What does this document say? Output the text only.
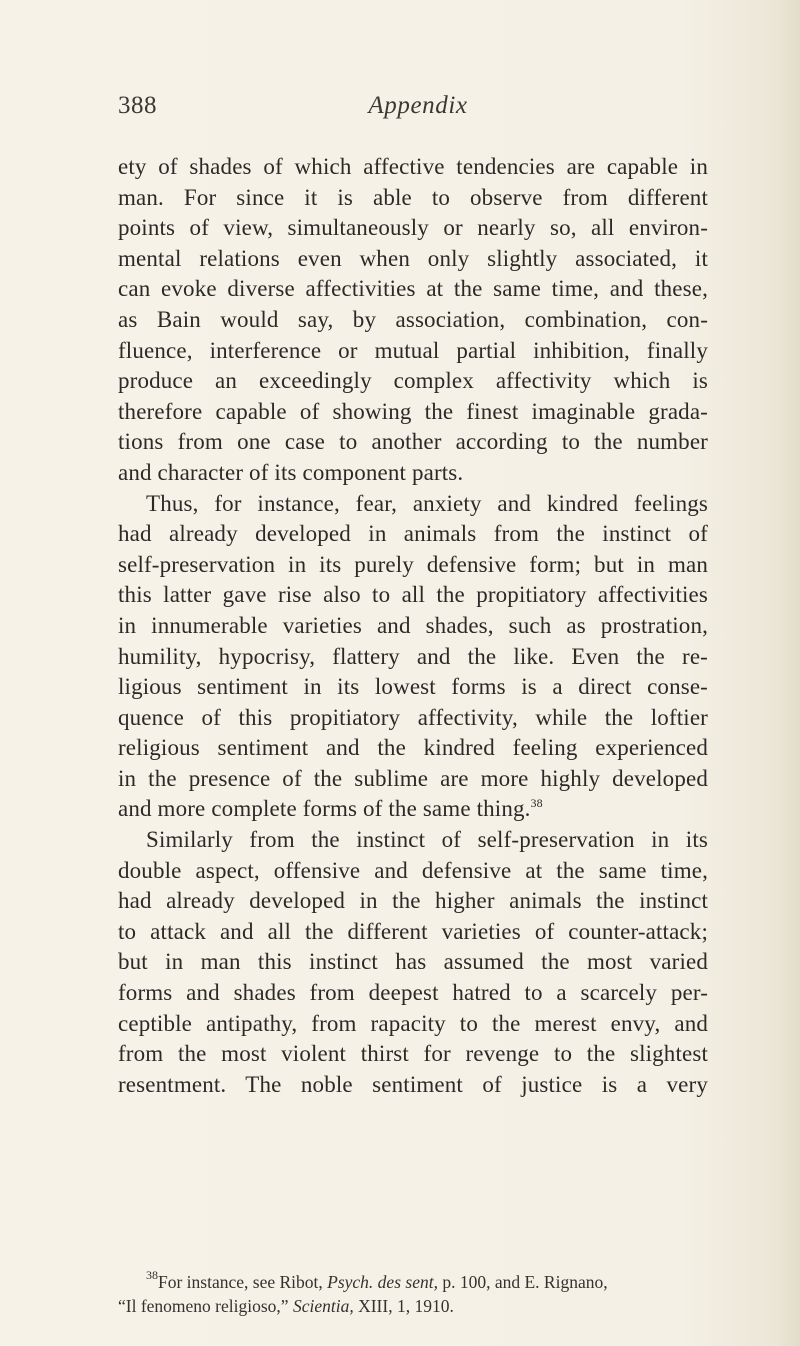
388	Appendix
ety of shades of which affective tendencies are capable in
man. For since it is able to observe from different
points of view, simultaneously or nearly so, all environ-
mental relations even when only slightly associated, it
can evoke diverse affectivities at the same time, and these,
as Bain would say, by association, combination, con-
fluence, interference or mutual partial inhibition, finally
produce an exceedingly complex affectivity which is
therefore capable of showing the finest imaginable grada-
tions from one case to another according to the number
and character of its component parts.
Thus, for instance, fear, anxiety and kindred feelings
had already developed in animals from the instinct of
self-preservation in its purely defensive form; but in man
this latter gave rise also to all the propitiatory affectivities
in innumerable varieties and shades, such as prostration,
humility, hypocrisy, flattery and the like. Even the re-
ligious sentiment in its lowest forms is a direct conse-
quence of this propitiatory affectivity, while the loftier
religious sentiment and the kindred feeling experienced
in the presence of the sublime are more highly developed
and more complete forms of the same thing.$^{38}$
Similarly from the instinct of self-preservation in its
double aspect, offensive and defensive at the same time,
had already developed in the higher animals the instinct
to attack and all the different varieties of counter-attack;
but in man this instinct has assumed the most varied
forms and shades from deepest hatred to a scarcely per-
ceptible antipathy, from rapacity to the merest envy, and
from the most violent thirst for revenge to the slightest
resentment. The noble sentiment of justice is a very
$^{38}$For instance, see Ribot, Psych. des sent, p. 100, and E. Rignano,
“Il fenomeno religioso,” Scientia, XIII, 1, 1910.
